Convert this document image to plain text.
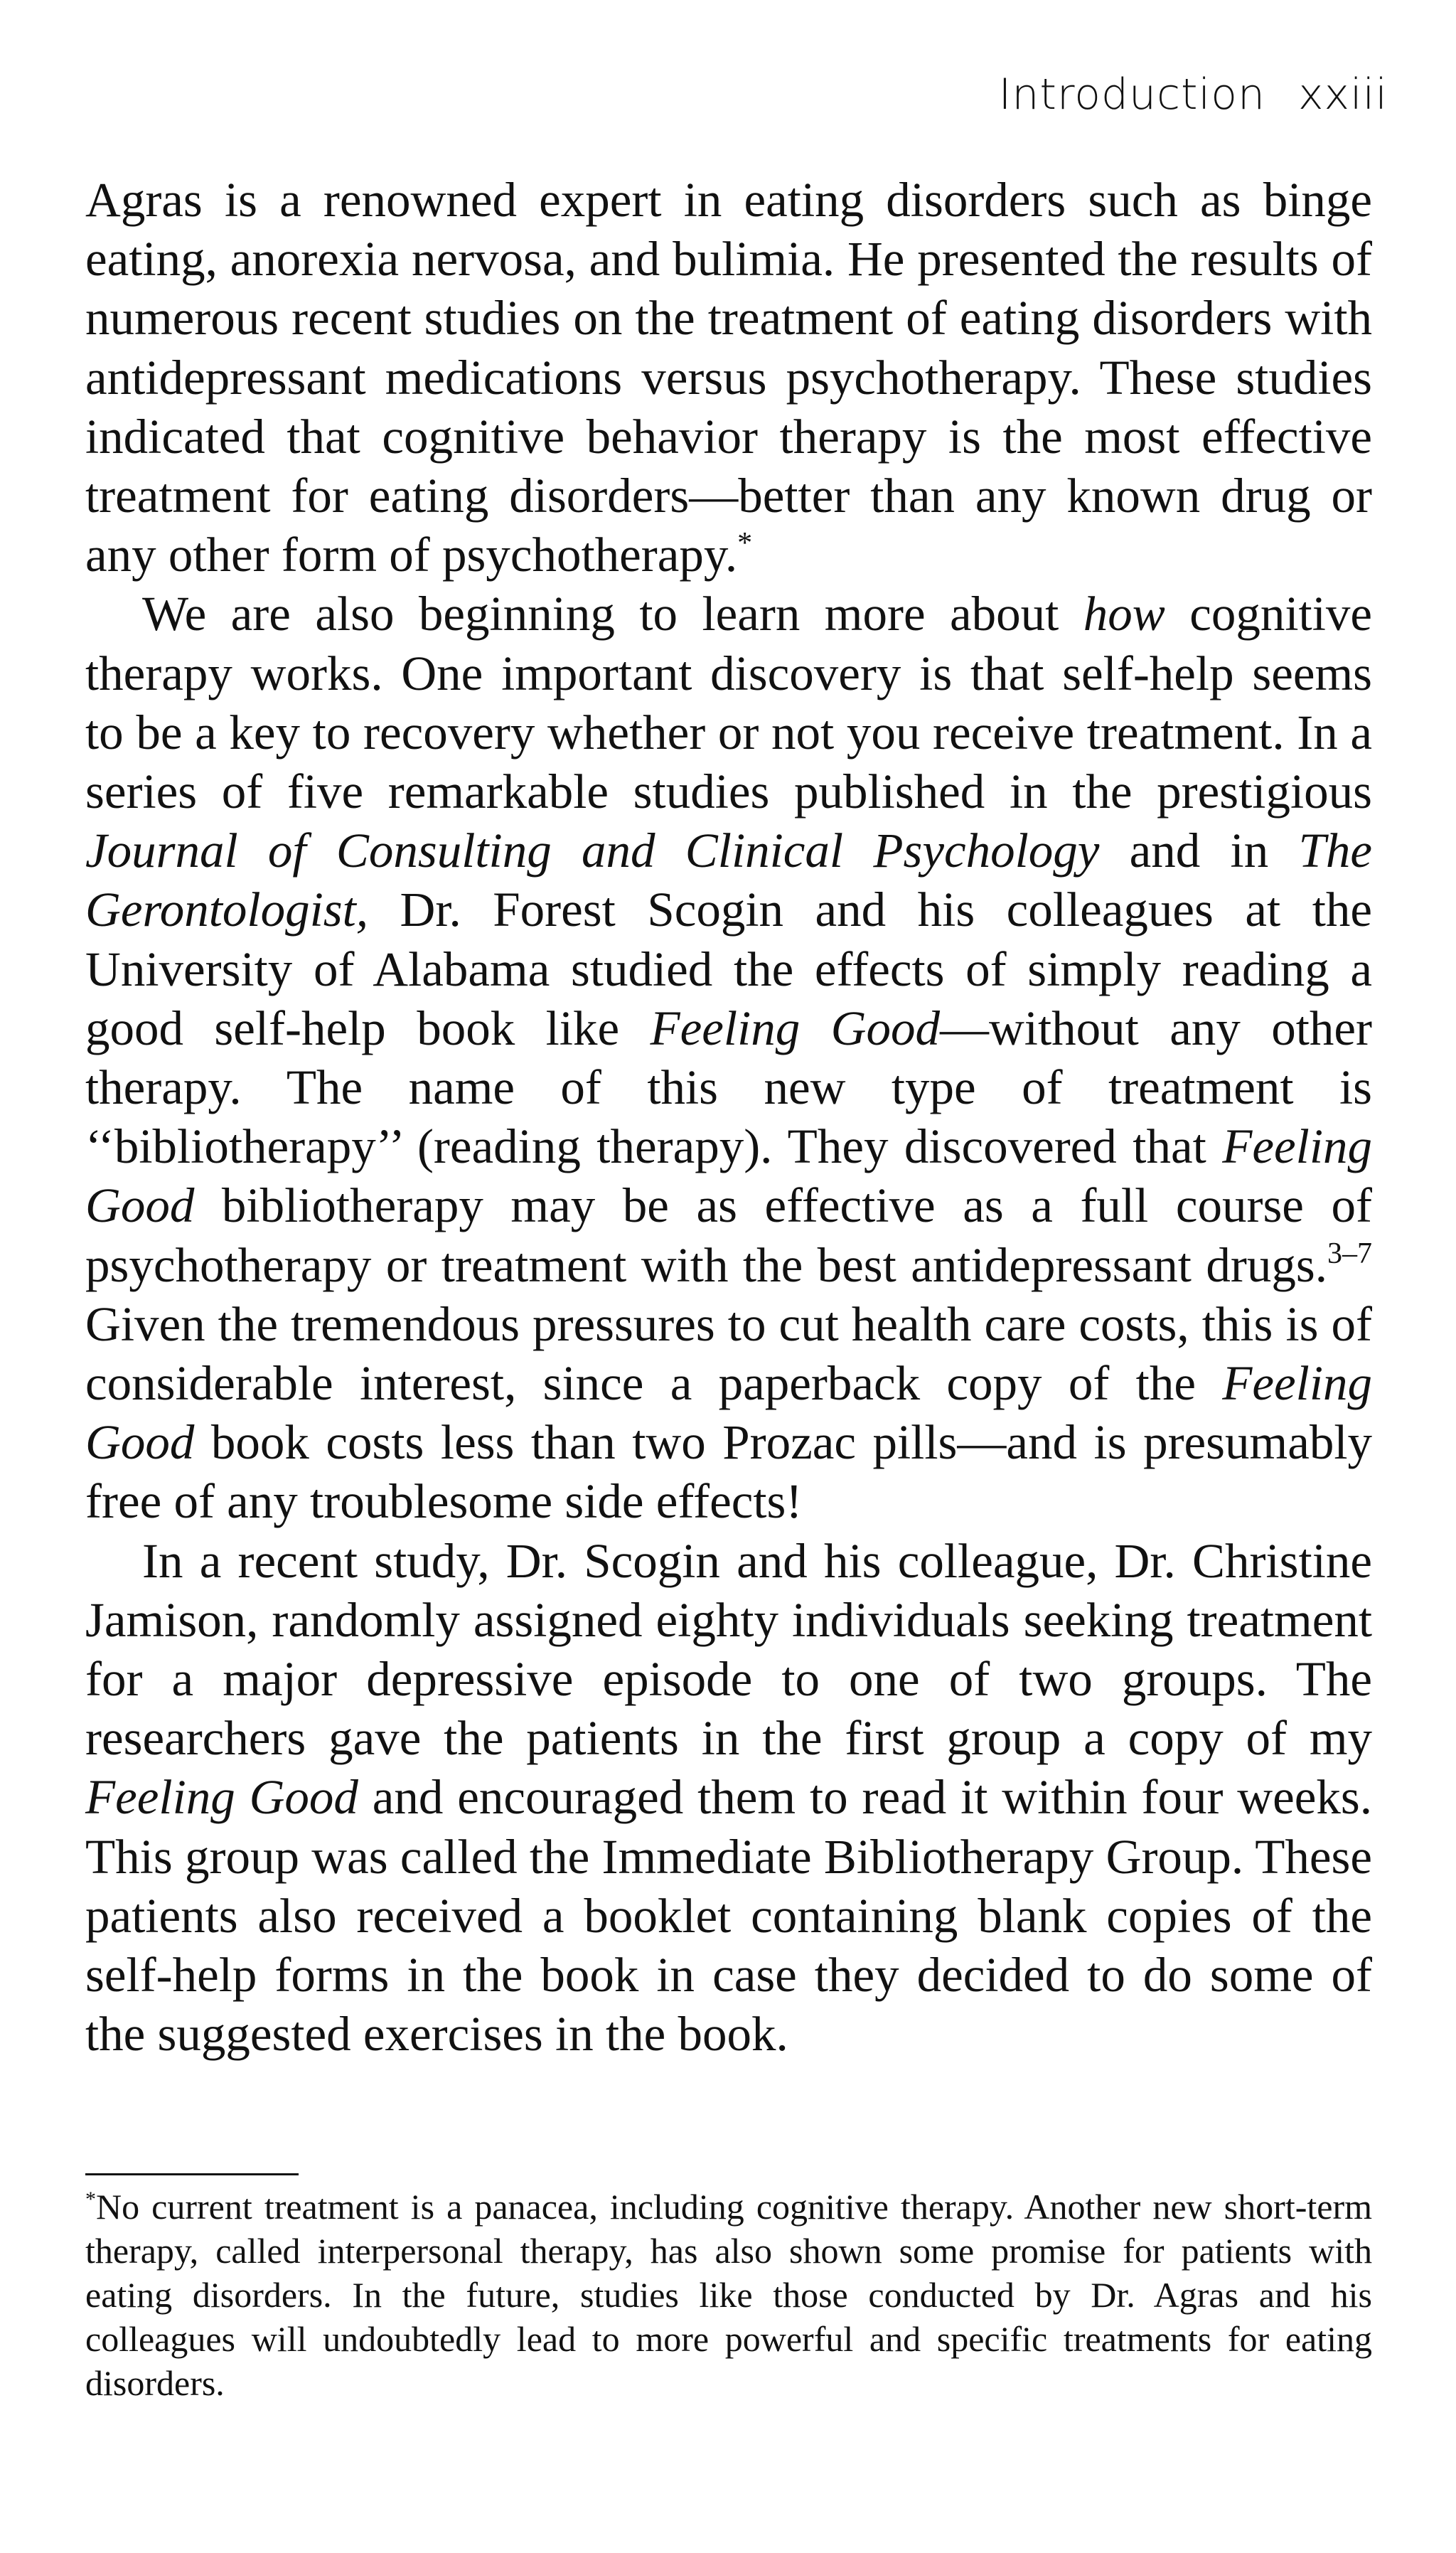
Introduction xxiii

Agras is a renowned expert in eating disorders such as binge eating, anorexia nervosa, and bulimia. He presented the results of numerous recent studies on the treatment of eating disorders with antidepressant medications versus psychotherapy. These studies indicated that cognitive behavior therapy is the most effective treatment for eating disorders—better than any known drug or any other form of psychotherapy.*

We are also beginning to learn more about how cognitive therapy works. One important discovery is that self-help seems to be a key to recovery whether or not you receive treatment. In a series of five remarkable studies published in the prestigious Journal of Consulting and Clinical Psychology and in The Gerontologist, Dr. Forest Scogin and his colleagues at the University of Alabama studied the effects of simply reading a good self-help book like Feeling Good—without any other therapy. The name of this new type of treatment is ‘‘bibliotherapy’’ (reading therapy). They discovered that Feeling Good bibliotherapy may be as effective as a full course of psychotherapy or treatment with the best antidepressant drugs.$^{3-7}$ Given the tremendous pressures to cut health care costs, this is of considerable interest, since a paperback copy of the Feeling Good book costs less than two Prozac pills—and is presumably free of any troublesome side effects!

In a recent study, Dr. Scogin and his colleague, Dr. Christine Jamison, randomly assigned eighty individuals seeking treatment for a major depressive episode to one of two groups. The researchers gave the patients in the first group a copy of my Feeling Good and encouraged them to read it within four weeks. This group was called the Immediate Bibliotherapy Group. These patients also received a booklet containing blank copies of the self-help forms in the book in case they decided to do some of the suggested exercises in the book.

*No current treatment is a panacea, including cognitive therapy. Another new short-term therapy, called interpersonal therapy, has also shown some promise for patients with eating disorders. In the future, studies like those conducted by Dr. Agras and his colleagues will undoubtedly lead to more powerful and specific treatments for eating disorders.
